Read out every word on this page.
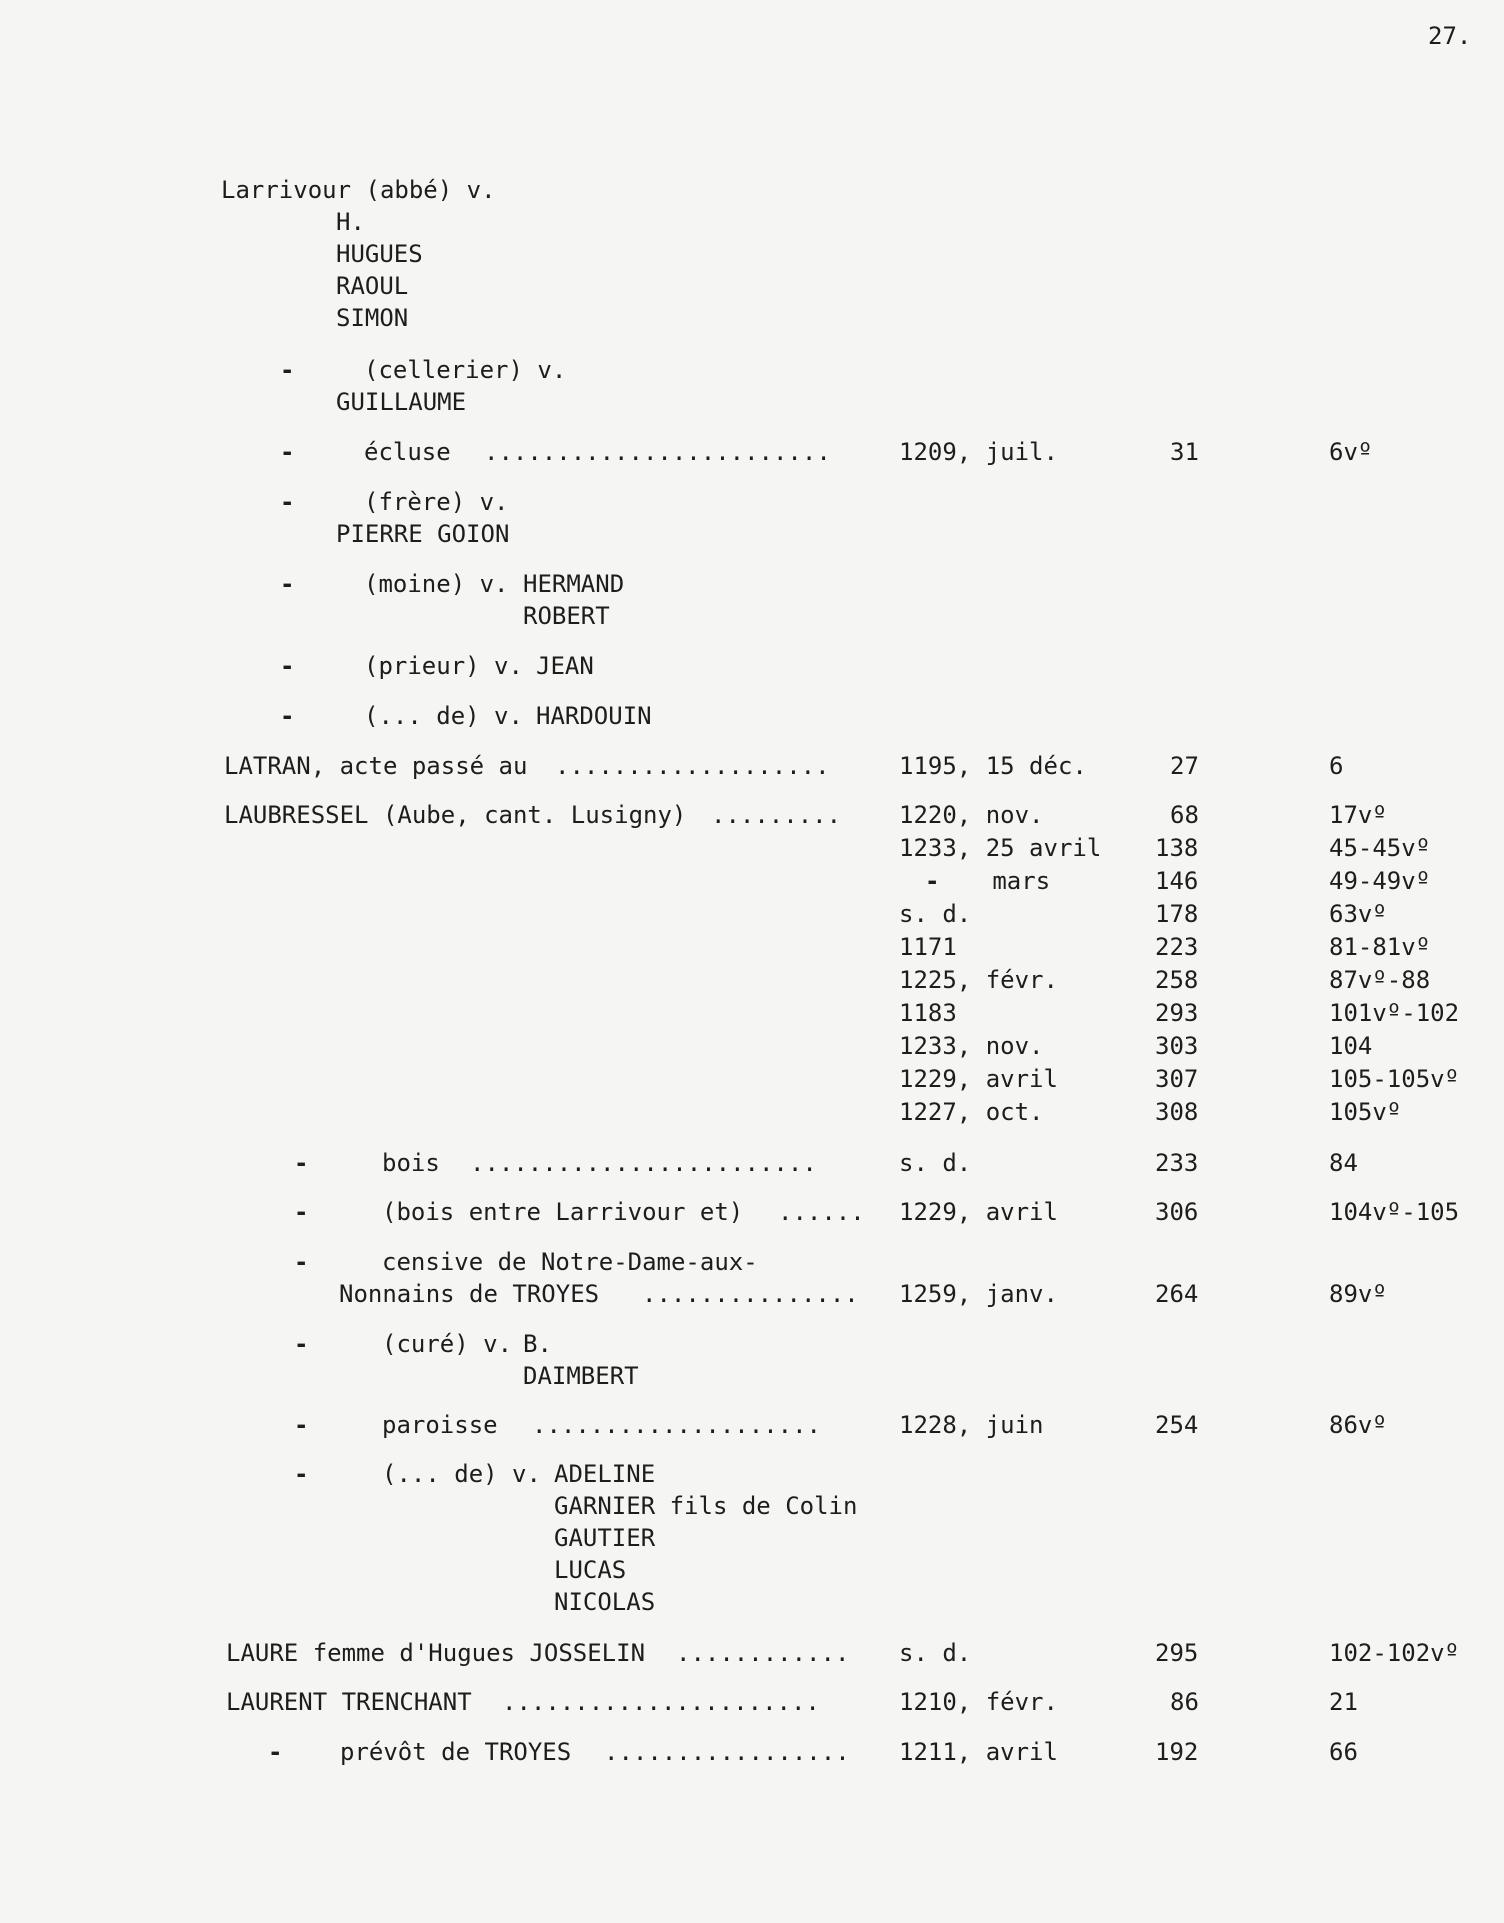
27.
Larrivour (abbé) v.
H.
HUGUES
RAOUL
SIMON
-	(cellerier) v.
GUILLAUME
-	écluse ........................	1209, juil.	31	6vº
-	(frère) v.
PIERRE GOION
-	(moine) v. HERMAND
ROBERT
-	(prieur) v. JEAN
-	(... de) v. HARDOUIN
LATRAN, acte passé au ...................	1195, 15 déc.	27	6
LAUBRESSEL (Aube, cant. Lusigny) ......... 1220, nov.	68	17vº
1233, 25 avril 138	45-45vº
- mars	146	49-49vº
s. d.	178	63vº
1171	223	81-81vº
1225, févr.	258	87vº-88
1183	293	101vº-102
1233, nov.	303	104
1229, avril	307	105-105vº
1227, oct.	308	105vº
-	bois ........................	s. d.	233	84
-	(bois entre Larrivour et) ...... 1229, avril	306	104vº-105
-	censive de Notre-Dame-aux-
Nonnains de TROYES ............... 1259, janv.	264	89vº
-	(curé) v. B.
DAIMBERT
-	paroisse ....................	1228, juin	254	86vº
-	(... de) v. ADELINE
GARNIER fils de Colin
GAUTIER
LUCAS
NICOLAS
LAURE femme d'Hugues JOSSELIN ............ s. d.	295	102-102vº
LAURENT TRENCHANT ......................	1210, févr.	86	21
- prévôt de TROYES ................. 1211, avril	192	66
